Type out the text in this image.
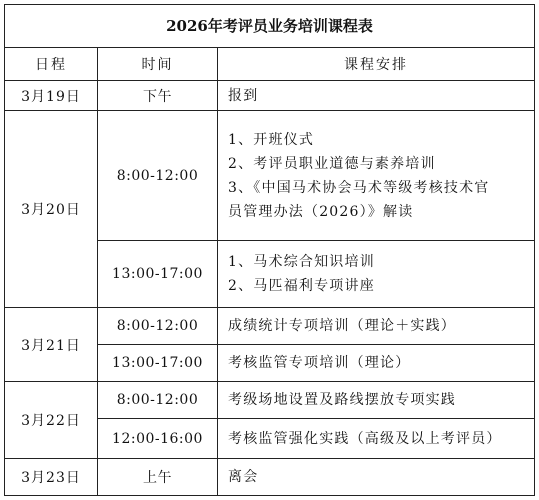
2026年考评员业务培训课程表		
日程	时间	课程安排
3月19日	下午	报到

3月20日	8:00-12:00	1、开班仪式
2、考评员职业道德与素养培训
3、《中国马术协会马术等级考核技术官
员管理办法（2026）》解读

	13:00-17:00	1、马术综合知识培训
2、马匹福利专项讲座

3月21日	8:00-12:00	成绩统计专项培训（理论＋实践）

	13:00-17:00	考核监管专项培训（理论）

3月22日	8:00-12:00	考级场地设置及路线摆放专项实践

	12:00-16:00	考核监管强化实践（高级及以上考评员）

3月23日	上午	离会
